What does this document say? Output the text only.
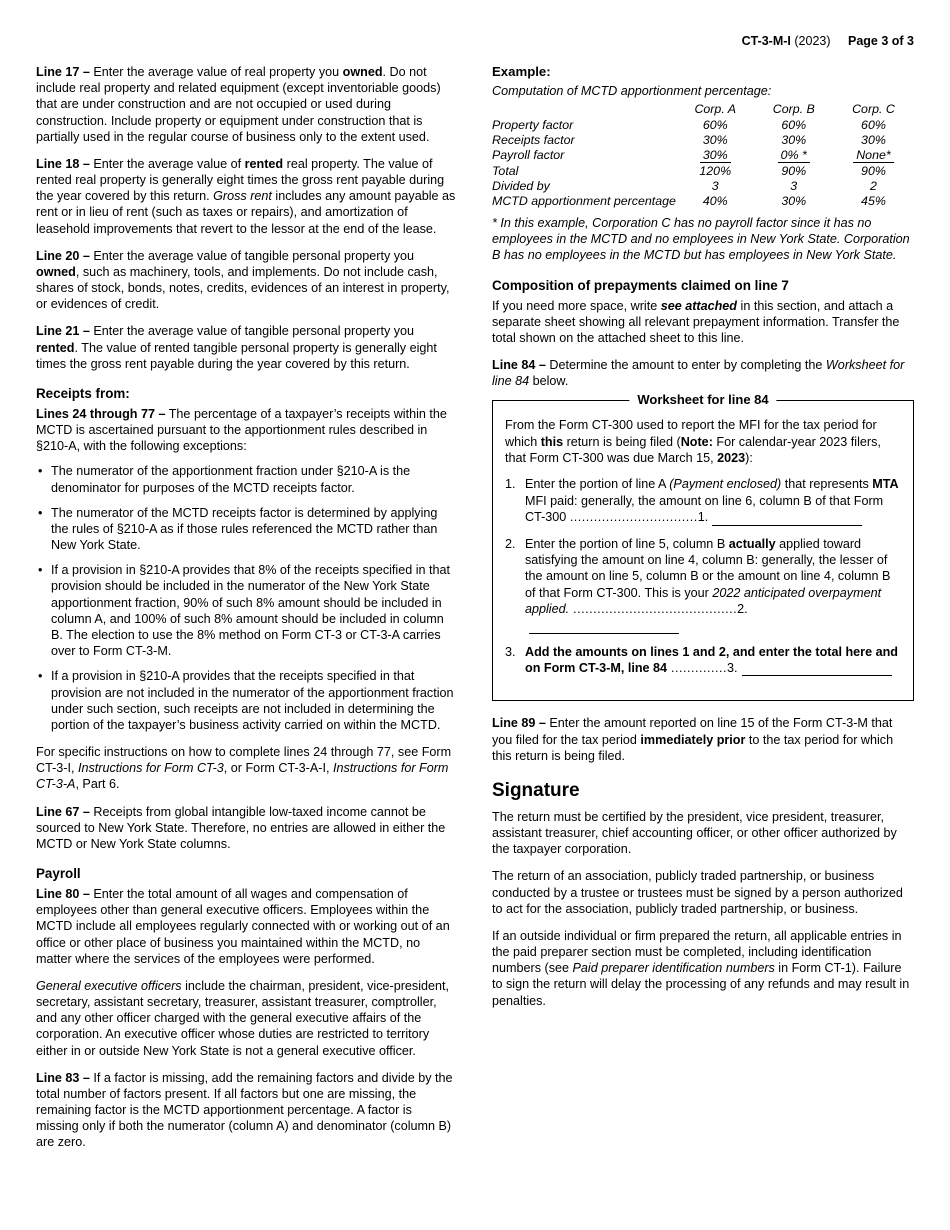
CT-3-M-I (2023) Page 3 of 3

Line 17 – Enter the average value of real property you owned. Do not include real property and related equipment (except inventoriable goods) that are under construction and are not occupied or used during construction. Include property or equipment under construction that is partially used in the regular course of business only to the extent used.

Line 18 – Enter the average value of rented real property. The value of rented real property is generally eight times the gross rent payable during the year covered by this return. Gross rent includes any amount payable as rent or in lieu of rent (such as taxes or repairs), and amortization of leasehold improvements that revert to the lessor at the end of the lease.

Line 20 – Enter the average value of tangible personal property you owned, such as machinery, tools, and implements. Do not include cash, shares of stock, bonds, notes, credits, evidences of an interest in property, or evidences of credit.

Line 21 – Enter the average value of tangible personal property you rented. The value of rented tangible personal property is generally eight times the gross rent payable during the year covered by this return.

Receipts from:

Lines 24 through 77 – The percentage of a taxpayer’s receipts within the MCTD is ascertained pursuant to the apportionment rules described in §210-A, with the following exceptions:

• The numerator of the apportionment fraction under §210-A is the denominator for purposes of the MCTD receipts factor.
• The numerator of the MCTD receipts factor is determined by applying the rules of §210-A as if those rules referenced the MCTD rather than New York State.
• If a provision in §210-A provides that 8% of the receipts specified in that provision should be included in the numerator of the New York State apportionment fraction, 90% of such 8% amount should be included in column A, and 100% of such 8% amount should be included in column B. The election to use the 8% method on Form CT-3 or CT-3-A carries over to Form CT-3-M.
• If a provision in §210-A provides that the receipts specified in that provision are not included in the numerator of the apportionment fraction under such section, such receipts are not included in determining the portion of the taxpayer’s business activity carried on within the MCTD.

For specific instructions on how to complete lines 24 through 77, see Form CT-3-I, Instructions for Form CT-3, or Form CT-3-A-I, Instructions for Form CT-3-A, Part 6.

Line 67 – Receipts from global intangible low-taxed income cannot be sourced to New York State. Therefore, no entries are allowed in either the MCTD or New York State columns.

Payroll

Line 80 – Enter the total amount of all wages and compensation of employees other than general executive officers. Employees within the MCTD include all employees regularly connected with or working out of an office or other place of business you maintained within the MCTD, no matter where the services of the employees were performed.

General executive officers include the chairman, president, vice-president, secretary, assistant secretary, treasurer, assistant treasurer, comptroller, and any other officer charged with the general executive affairs of the corporation. An executive officer whose duties are restricted to territory either in or outside New York State is not a general executive officer.

Line 83 – If a factor is missing, add the remaining factors and divide by the total number of factors present. If all factors but one are missing, the remaining factor is the MCTD apportionment percentage. A factor is missing only if both the numerator (column A) and denominator (column B) are zero.

Example:
Computation of MCTD apportionment percentage:
	Corp. A	Corp. B	Corp. C
Property factor	60%	60%	60%
Receipts factor	30%	30%	30%
Payroll factor	30%	0% *	None*
Total	120%	90%	90%
Divided by	3	3	2
MCTD apportionment percentage	40%	30%	45%
* In this example, Corporation C has no payroll factor since it has no employees in the MCTD and no employees in New York State. Corporation B has no employees in the MCTD but has employees in New York State.
Composition of prepayments claimed on line 7

If you need more space, write see attached in this section, and attach a separate sheet showing all relevant prepayment information. Transfer the total shown on the attached sheet to this line.

Line 84 – Determine the amount to enter by completing the Worksheet for line 84 below.

Worksheet for line 84
From the Form CT-300 used to report the MFI for the tax period for which this return is being filed (Note: For calendar-year 2023 filers, that Form CT-300 was due March 15, 2023):
1. Enter the portion of line A (Payment enclosed) that represents MTA MFI paid: generally, the amount on line 6, column B of that Form CT-300 ................................1.
2. Enter the portion of line 5, column B actually applied toward satisfying the amount on line 4, column B: generally, the lesser of the amount on line 5, column B or the amount on line 4, column B of that Form CT-300. This is your 2022 anticipated overpayment applied. .........................................2.
3. Add the amounts on lines 1 and 2, and enter the total here and on Form CT-3-M, line 84 ..............3.

Line 89 – Enter the amount reported on line 15 of the Form CT-3-M that you filed for the tax period immediately prior to the tax period for which this return is being filed.

Signature

The return must be certified by the president, vice president, treasurer, assistant treasurer, chief accounting officer, or other officer authorized by the taxpayer corporation.

The return of an association, publicly traded partnership, or business conducted by a trustee or trustees must be signed by a person authorized to act for the association, publicly traded partnership, or business.

If an outside individual or firm prepared the return, all applicable entries in the paid preparer section must be completed, including identification numbers (see Paid preparer identification numbers in Form CT-1). Failure to sign the return will delay the processing of any refunds and may result in penalties.
